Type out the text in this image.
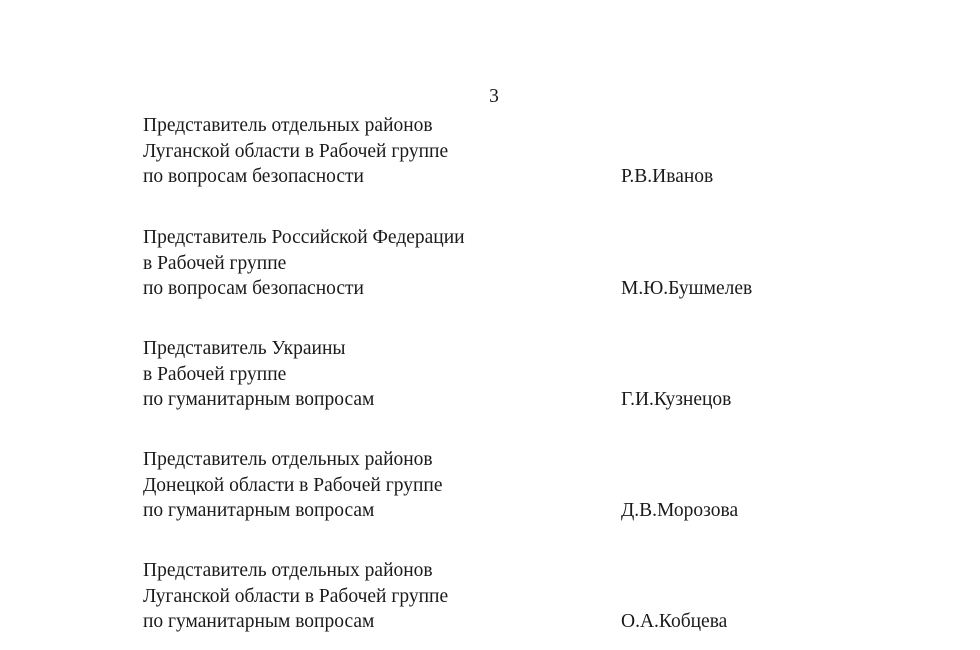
3
Представитель отдельных районов
Луганской области в Рабочей группе
по вопросам безопасности	Р.В.Иванов
Представитель Российской Федерации
в Рабочей группе
по вопросам безопасности	М.Ю.Бушмелев
Представитель Украины
в Рабочей группе
по гуманитарным вопросам	Г.И.Кузнецов
Представитель отдельных районов
Донецкой области в Рабочей группе
по гуманитарным вопросам	Д.В.Морозова
Представитель отдельных районов
Луганской области в Рабочей группе
по гуманитарным вопросам	О.А.Кобцева
